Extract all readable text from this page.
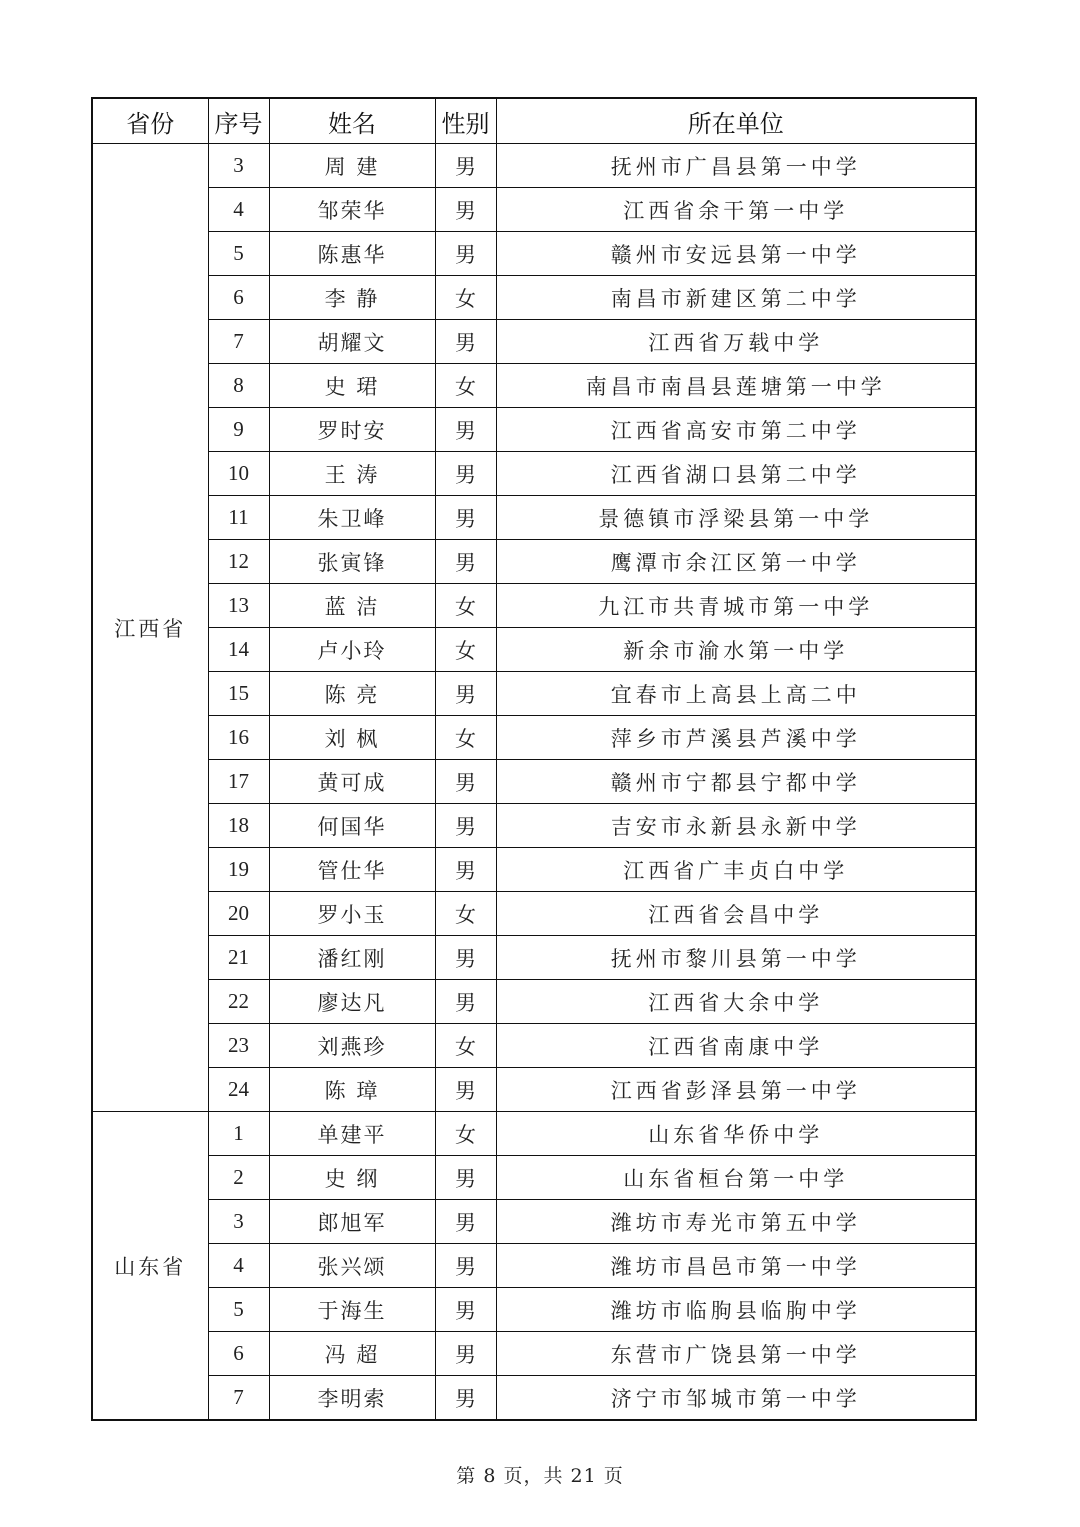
省份	序号	姓名	性别	所在单位
江西省	3	周 建	男	抚州市广昌县第一中学
	4	邹荣华	男	江西省余干第一中学
	5	陈惠华	男	赣州市安远县第一中学
	6	李 静	女	南昌市新建区第二中学
	7	胡耀文	男	江西省万载中学
	8	史 珺	女	南昌市南昌县莲塘第一中学
	9	罗时安	男	江西省高安市第二中学
	10	王 涛	男	江西省湖口县第二中学
	11	朱卫峰	男	景德镇市浮梁县第一中学
	12	张寅锋	男	鹰潭市余江区第一中学
	13	蓝 洁	女	九江市共青城市第一中学
	14	卢小玲	女	新余市渝水第一中学
	15	陈 亮	男	宜春市上高县上高二中
	16	刘 枫	女	萍乡市芦溪县芦溪中学
	17	黄可成	男	赣州市宁都县宁都中学
	18	何国华	男	吉安市永新县永新中学
	19	管仕华	男	江西省广丰贞白中学
	20	罗小玉	女	江西省会昌中学
	21	潘红刚	男	抚州市黎川县第一中学
	22	廖达凡	男	江西省大余中学
	23	刘燕珍	女	江西省南康中学
	24	陈 璋	男	江西省彭泽县第一中学
山东省	1	单建平	女	山东省华侨中学
	2	史 纲	男	山东省桓台第一中学
	3	郎旭军	男	潍坊市寿光市第五中学
	4	张兴颂	男	潍坊市昌邑市第一中学
	5	于海生	男	潍坊市临朐县临朐中学
	6	冯 超	男	东营市广饶县第一中学
	7	李明索	男	济宁市邹城市第一中学
第 8 页，共 21 页
